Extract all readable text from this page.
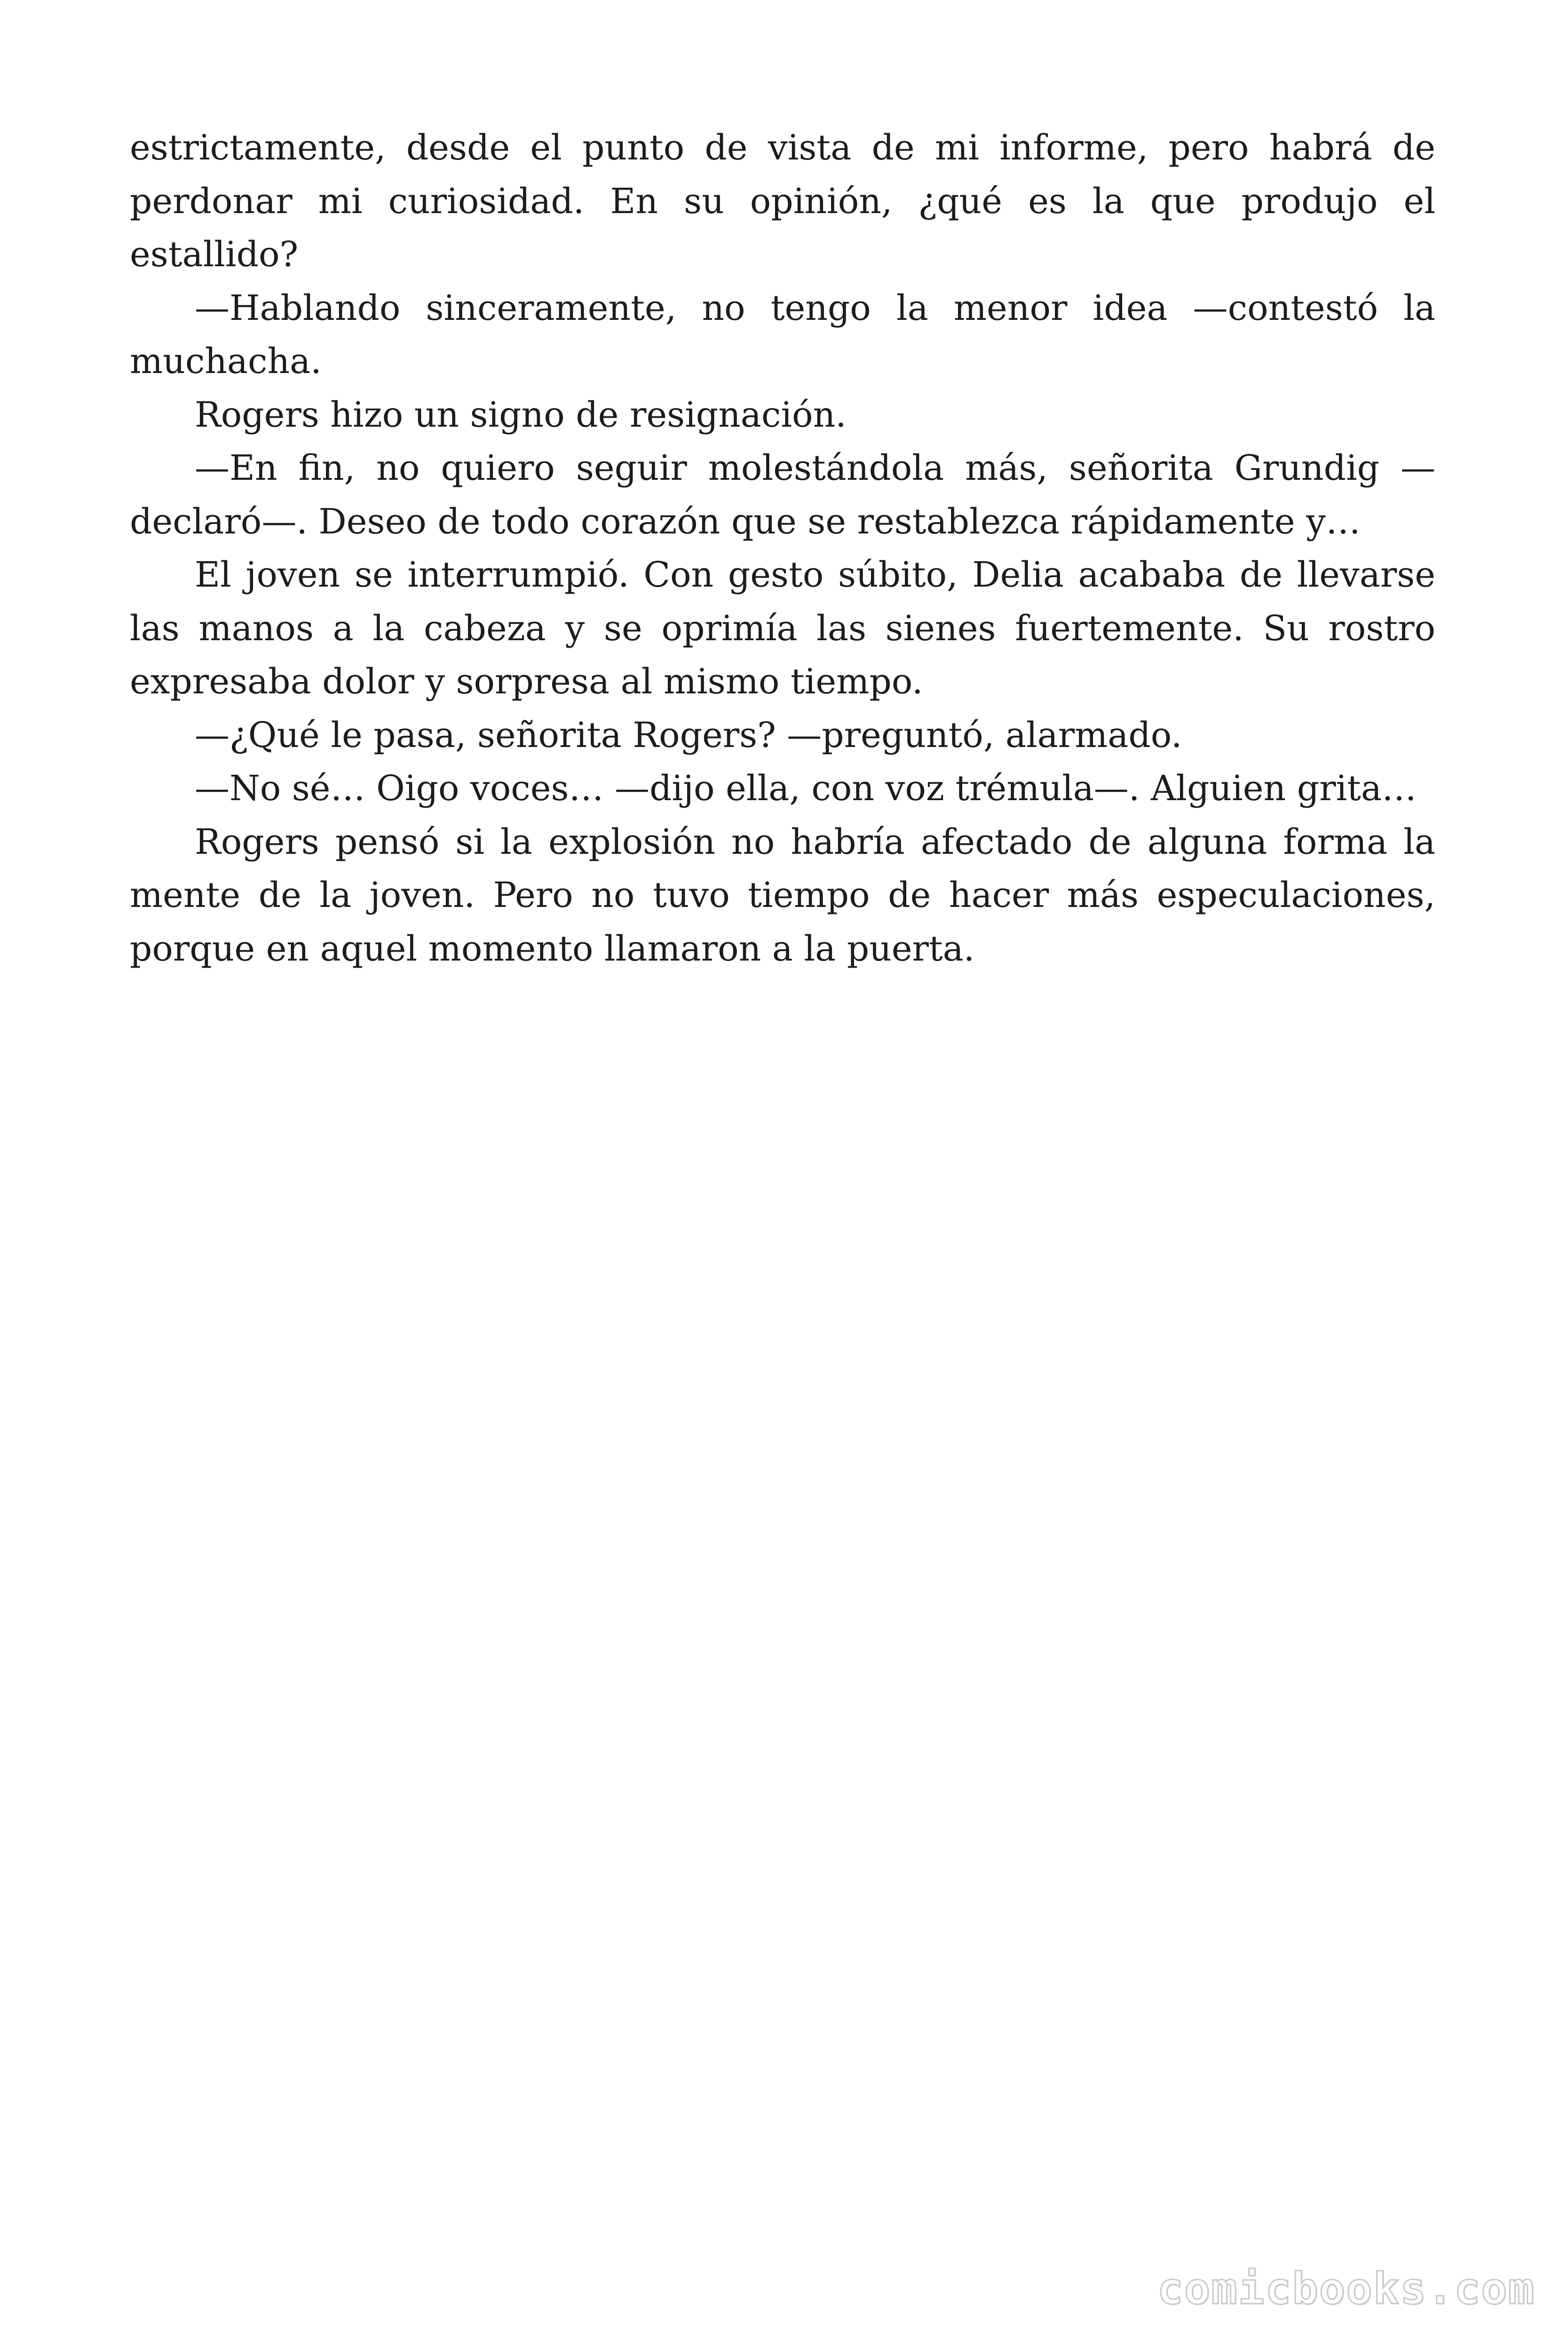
estrictamente, desde el punto de vista de mi informe, pero habrá de perdonar mi curiosidad. En su opinión, ¿qué es la que produjo el estallido?

—Hablando sinceramente, no tengo la menor idea —contestó la muchacha.

Rogers hizo un signo de resignación.

—En fin, no quiero seguir molestándola más, señorita Grundig —declaró—. Deseo de todo corazón que se restablezca rápidamente y…

El joven se interrumpió. Con gesto súbito, Delia acababa de llevarse las manos a la cabeza y se oprimía las sienes fuertemente. Su rostro expresaba dolor y sorpresa al mismo tiempo.

—¿Qué le pasa, señorita Rogers? —preguntó, alarmado.

—No sé… Oigo voces… —dijo ella, con voz trémula—. Alguien grita…

Rogers pensó si la explosión no habría afectado de alguna forma la mente de la joven. Pero no tuvo tiempo de hacer más especulaciones, porque en aquel momento llamaron a la puerta.

comicbooks.com
